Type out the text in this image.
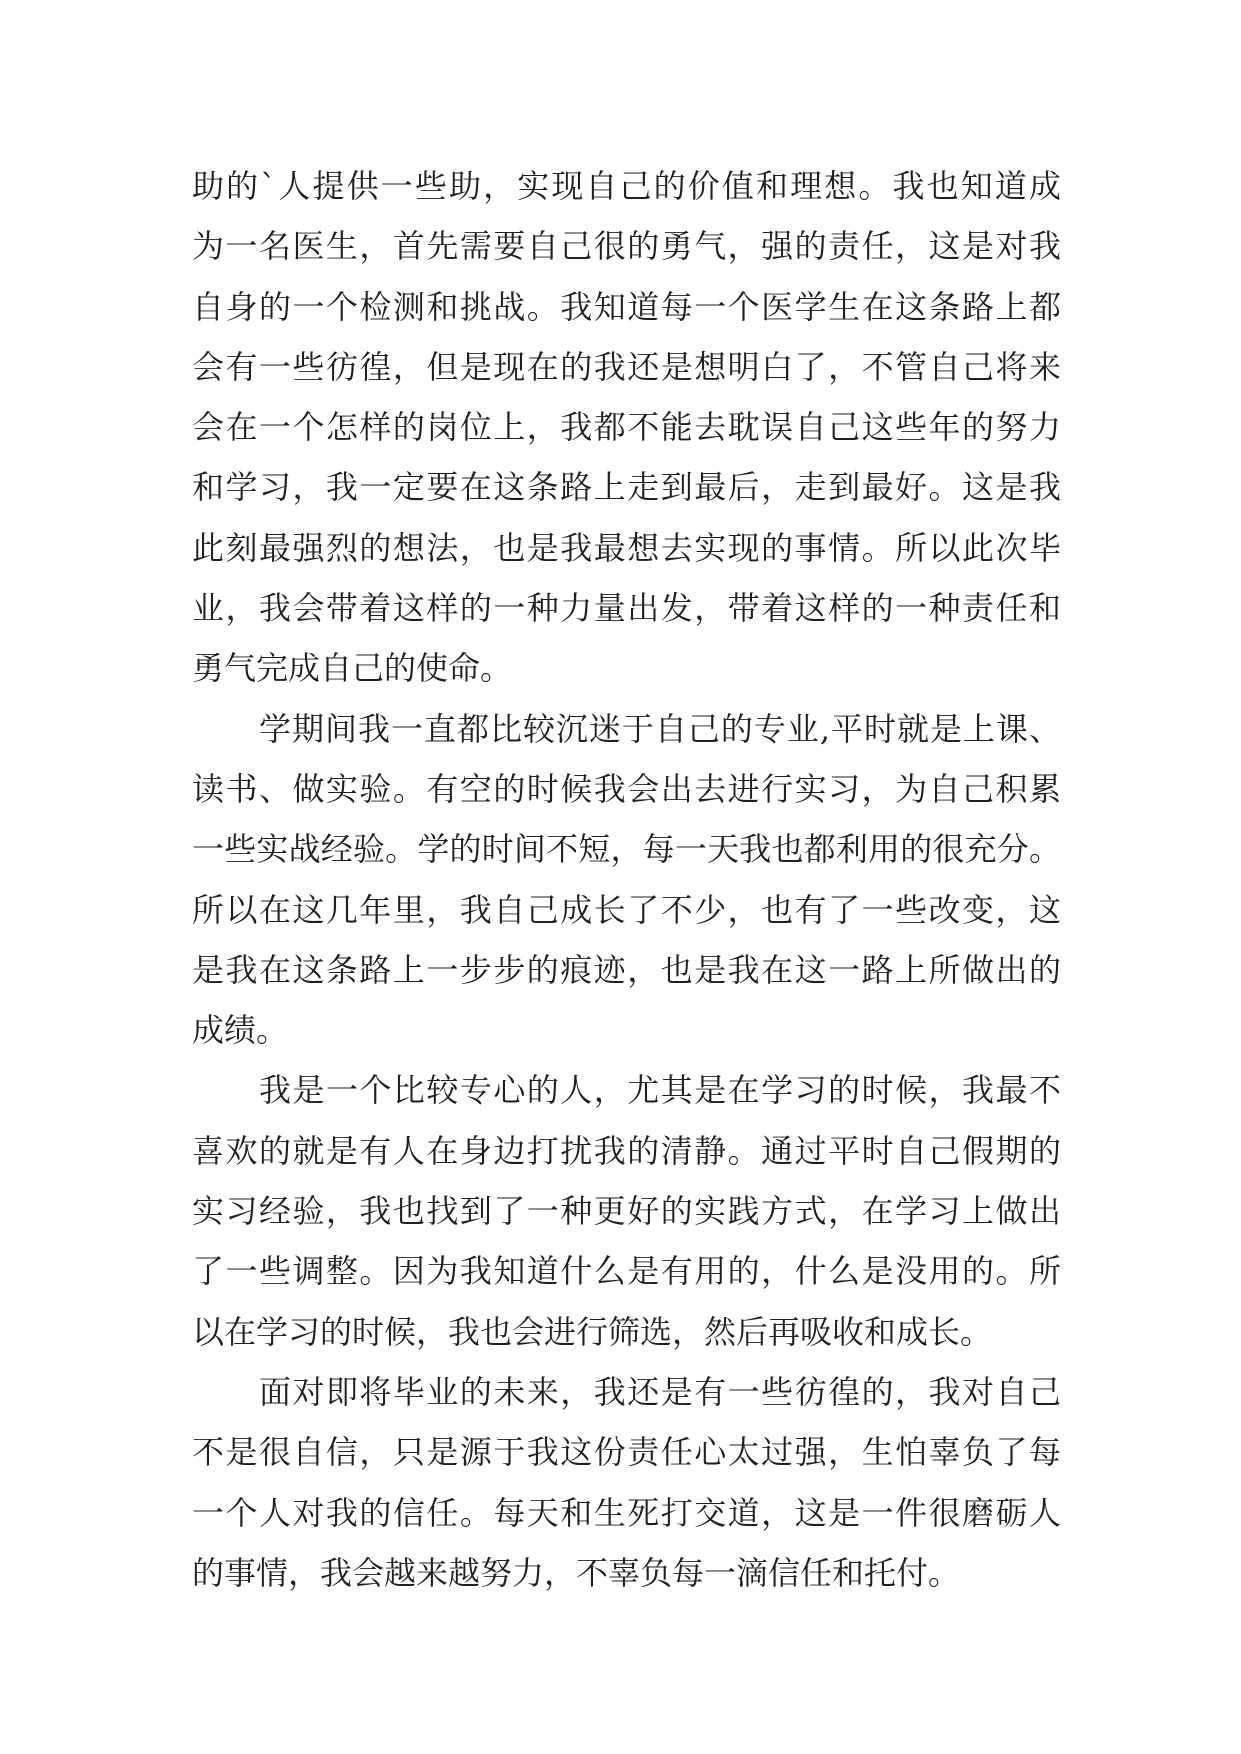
助的`人提供一些助，实现自己的价值和理想。我也知道成
为一名医生，首先需要自己很的勇气，强的责任，这是对我
自身的一个检测和挑战。我知道每一个医学生在这条路上都
会有一些彷徨，但是现在的我还是想明白了，不管自己将来
会在一个怎样的岗位上，我都不能去耽误自己这些年的努力
和学习，我一定要在这条路上走到最后，走到最好。这是我
此刻最强烈的想法，也是我最想去实现的事情。所以此次毕
业，我会带着这样的一种力量出发，带着这样的一种责任和
勇气完成自己的使命。
学期间我一直都比较沉迷于自己的专业,平时就是上课、
读书、做实验。有空的时候我会出去进行实习，为自己积累
一些实战经验。学的时间不短，每一天我也都利用的很充分。
所以在这几年里，我自己成长了不少，也有了一些改变，这
是我在这条路上一步步的痕迹，也是我在这一路上所做出的
成绩。
我是一个比较专心的人，尤其是在学习的时候，我最不
喜欢的就是有人在身边打扰我的清静。通过平时自己假期的
实习经验，我也找到了一种更好的实践方式，在学习上做出
了一些调整。因为我知道什么是有用的，什么是没用的。所
以在学习的时候，我也会进行筛选，然后再吸收和成长。
面对即将毕业的未来，我还是有一些彷徨的，我对自己
不是很自信，只是源于我这份责任心太过强，生怕辜负了每
一个人对我的信任。每天和生死打交道，这是一件很磨砺人
的事情，我会越来越努力，不辜负每一滴信任和托付。
